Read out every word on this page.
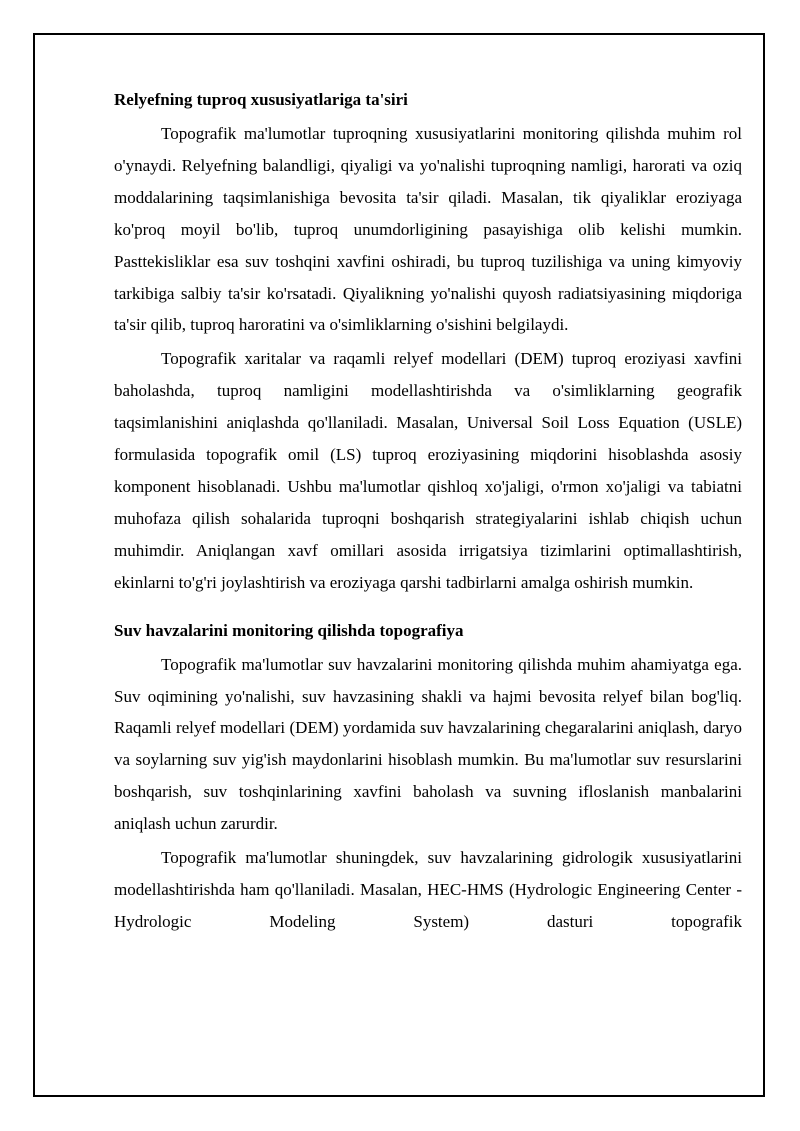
Relyefning tuproq xususiyatlariga ta'siri

Topografik ma'lumotlar tuproqning xususiyatlarini monitoring qilishda muhim rol o'ynaydi. Relyefning balandligi, qiyaligi va yo'nalishi tuproqning namligi, harorati va oziq moddalarining taqsimlanishiga bevosita ta'sir qiladi. Masalan, tik qiyaliklar eroziyaga ko'proq moyil bo'lib, tuproq unumdorligining pasayishiga olib kelishi mumkin. Pasttekisliklar esa suv toshqini xavfini oshiradi, bu tuproq tuzilishiga va uning kimyoviy tarkibiga salbiy ta'sir ko'rsatadi. Qiyalikning yo'nalishi quyosh radiatsiyasining miqdoriga ta'sir qilib, tuproq haroratini va o'simliklarning o'sishini belgilaydi.

Topografik xaritalar va raqamli relyef modellari (DEM) tuproq eroziyasi xavfini baholashda, tuproq namligini modellashtirishda va o'simliklarning geografik taqsimlanishini aniqlashda qo'llaniladi. Masalan, Universal Soil Loss Equation (USLE) formulasida topografik omil (LS) tuproq eroziyasining miqdorini hisoblashda asosiy komponent hisoblanadi. Ushbu ma'lumotlar qishloq xo'jaligi, o'rmon xo'jaligi va tabiatni muhofaza qilish sohalarida tuproqni boshqarish strategiyalarini ishlab chiqish uchun muhimdir. Aniqlangan xavf omillari asosida irrigatsiya tizimlarini optimallashtirish, ekinlarni to'g'ri joylashtirish va eroziyaga qarshi tadbirlarni amalga oshirish mumkin.

Suv havzalarini monitoring qilishda topografiya

Topografik ma'lumotlar suv havzalarini monitoring qilishda muhim ahamiyatga ega. Suv oqimining yo'nalishi, suv havzasining shakli va hajmi bevosita relyef bilan bog'liq. Raqamli relyef modellari (DEM) yordamida suv havzalarining chegaralarini aniqlash, daryo va soylarning suv yig'ish maydonlarini hisoblash mumkin. Bu ma'lumotlar suv resurslarini boshqarish, suv toshqinlarining xavfini baholash va suvning ifloslanish manbalarini aniqlash uchun zarurdir.

Topografik ma'lumotlar shuningdek, suv havzalarining gidrologik xususiyatlarini modellashtirishda ham qo'llaniladi. Masalan, HEC-HMS (Hydrologic Engineering Center - Hydrologic Modeling System) dasturi topografik
